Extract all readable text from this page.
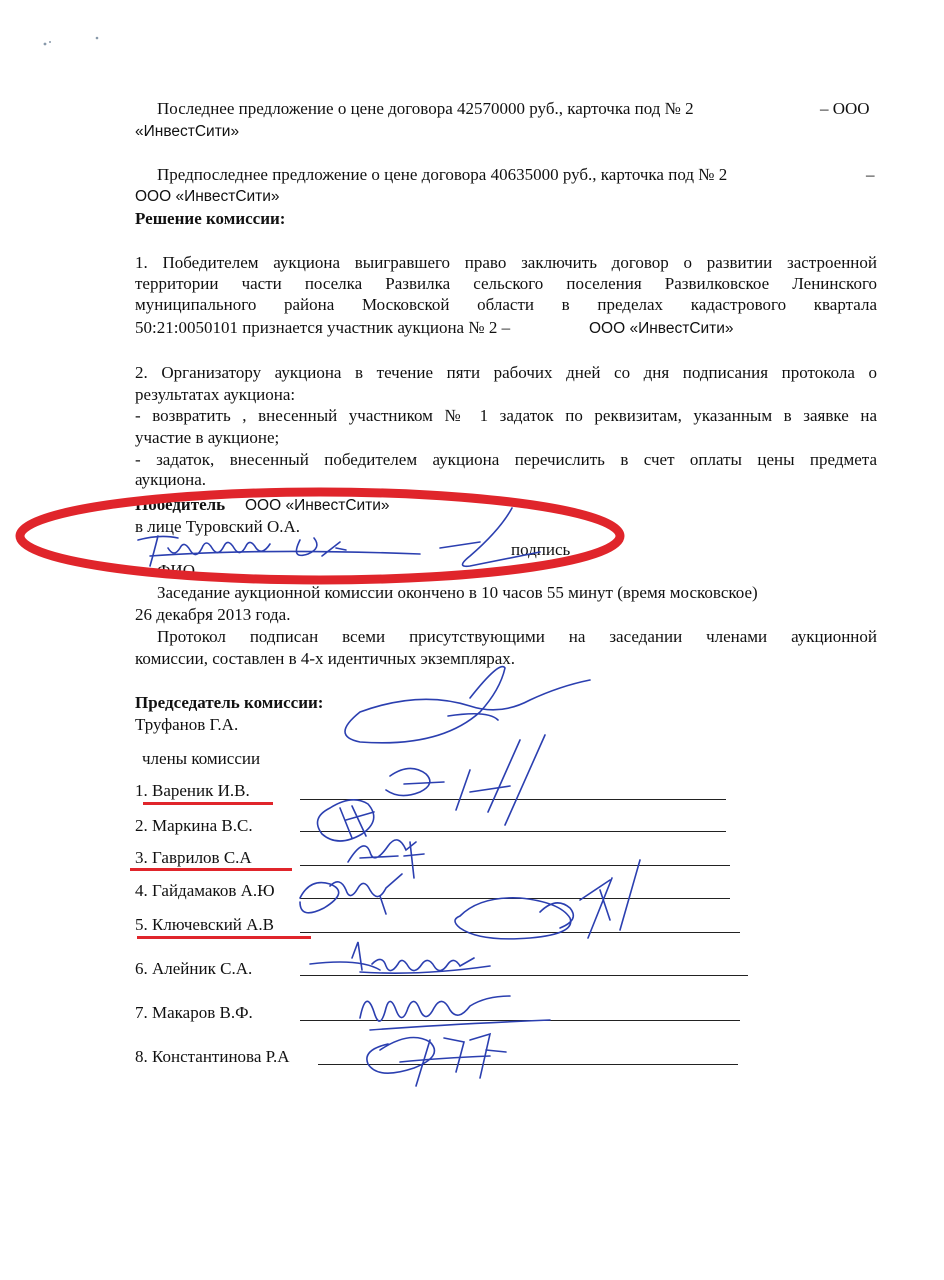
Последнее предложение о цене договора 42570000 руб., карточка под № 2	– ООО
«ИнвестСити»
Предпоследнее предложение о цене договора 40635000 руб., карточка под № 2	–
ООО «ИнвестСити»
Решение комиссии:
1. Победителем аукциона выигравшего право заключить договор о развитии застроенной
территории части поселка Развилка сельского поселения Развилковское Ленинского
муниципального района Московской области в пределах кадастрового квартала
50:21:0050101 признается участник аукциона № 2 –	ООО «ИнвестСити»
2. Организатору аукциона в течение пяти рабочих дней со дня подписания протокола о
результатах аукциона:
- возвратить , внесенный участником № 1 задаток по реквизитам, указанным в заявке на
участие в аукционе;
- задаток, внесенный победителем аукциона перечислить в счет оплаты цены предмета
аукциона.
Победитель ООО «ИнвестСити»
в лице Туровский О.А.
подпись
ФИО
Заседание аукционной комиссии окончено в 10 часов 55 минут (время московское)
26 декабря 2013 года.
Протокол подписан всеми присутствующими на заседании членами аукционной
комиссии, составлен в 4-х идентичных экземплярах.
Председатель комиссии:
Труфанов Г.А.
члены комиссии
1. Вареник И.В.
2. Маркина В.С.
3. Гаврилов С.А
4. Гайдамаков А.Ю
5. Ключевский А.В
6. Алейник С.А.
7. Макаров В.Ф.
8. Константинова Р.А
